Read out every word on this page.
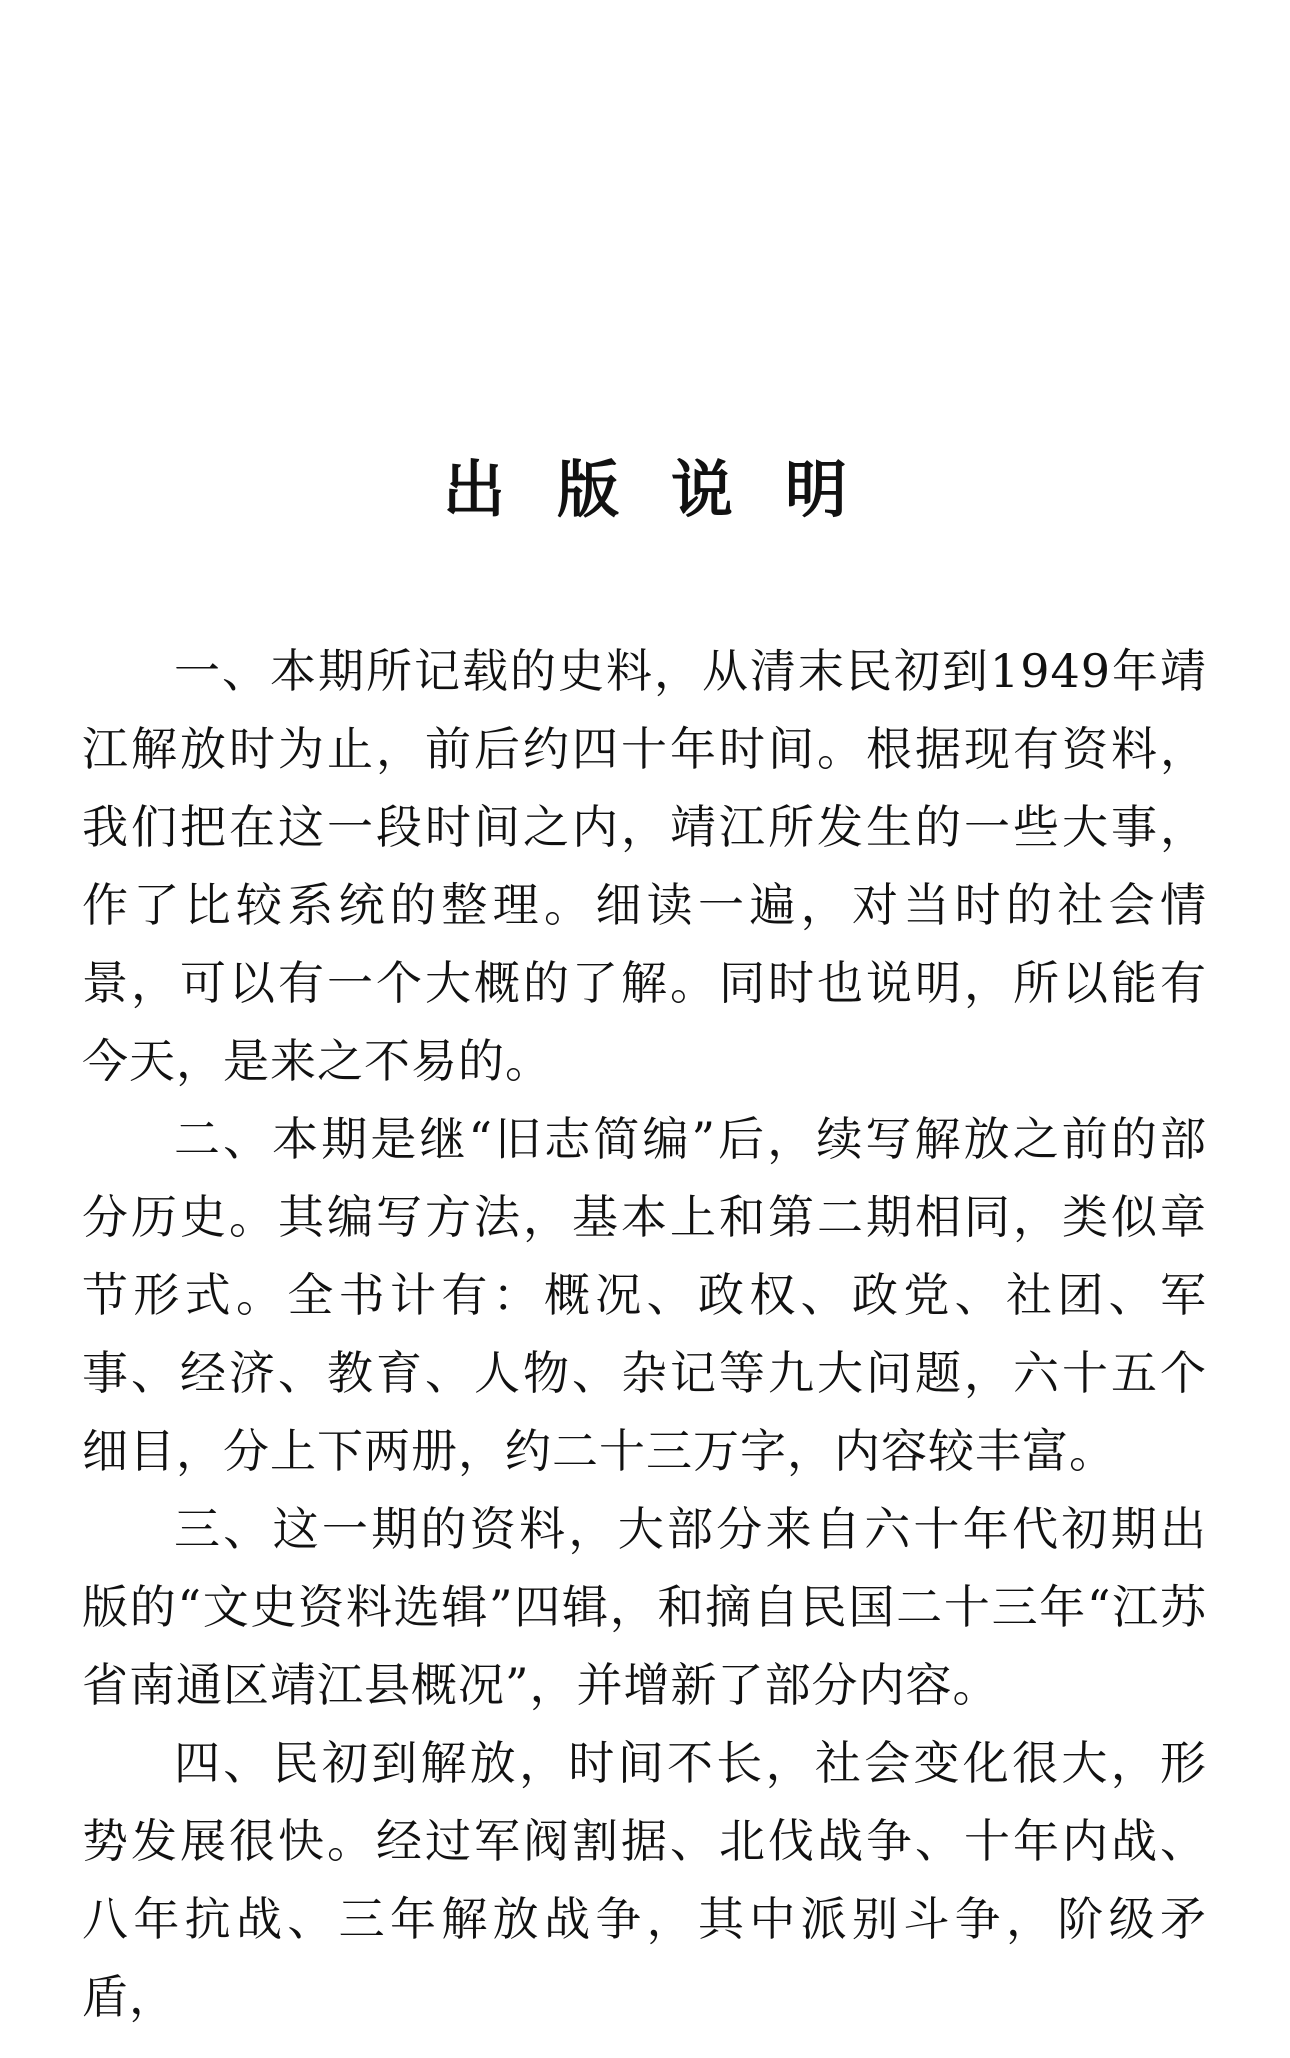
出版说明

一、本期所记载的史料，从清末民初到1949年靖江解放时为止，前后约四十年时间。根据现有资料，我们把在这一段时间之内，靖江所发生的一些大事，作了比较系统的整理。细读一遍，对当时的社会情景，可以有一个大概的了解。同时也说明，所以能有今天，是来之不易的。

二、本期是继“旧志简编”后，续写解放之前的部分历史。其编写方法，基本上和第二期相同，类似章节形式。全书计有：概况、政权、政党、社团、军事、经济、教育、人物、杂记等九大问题，六十五个细目，分上下两册，约二十三万字，内容较丰富。

三、这一期的资料，大部分来自六十年代初期出版的“文史资料选辑”四辑，和摘自民国二十三年“江苏省南通区靖江县概况”，并增新了部分内容。

四、民初到解放，时间不长，社会变化很大，形势发展很快。经过军阀割据、北伐战争、十年内战、八年抗战、三年解放战争，其中派别斗争，阶级矛盾，
